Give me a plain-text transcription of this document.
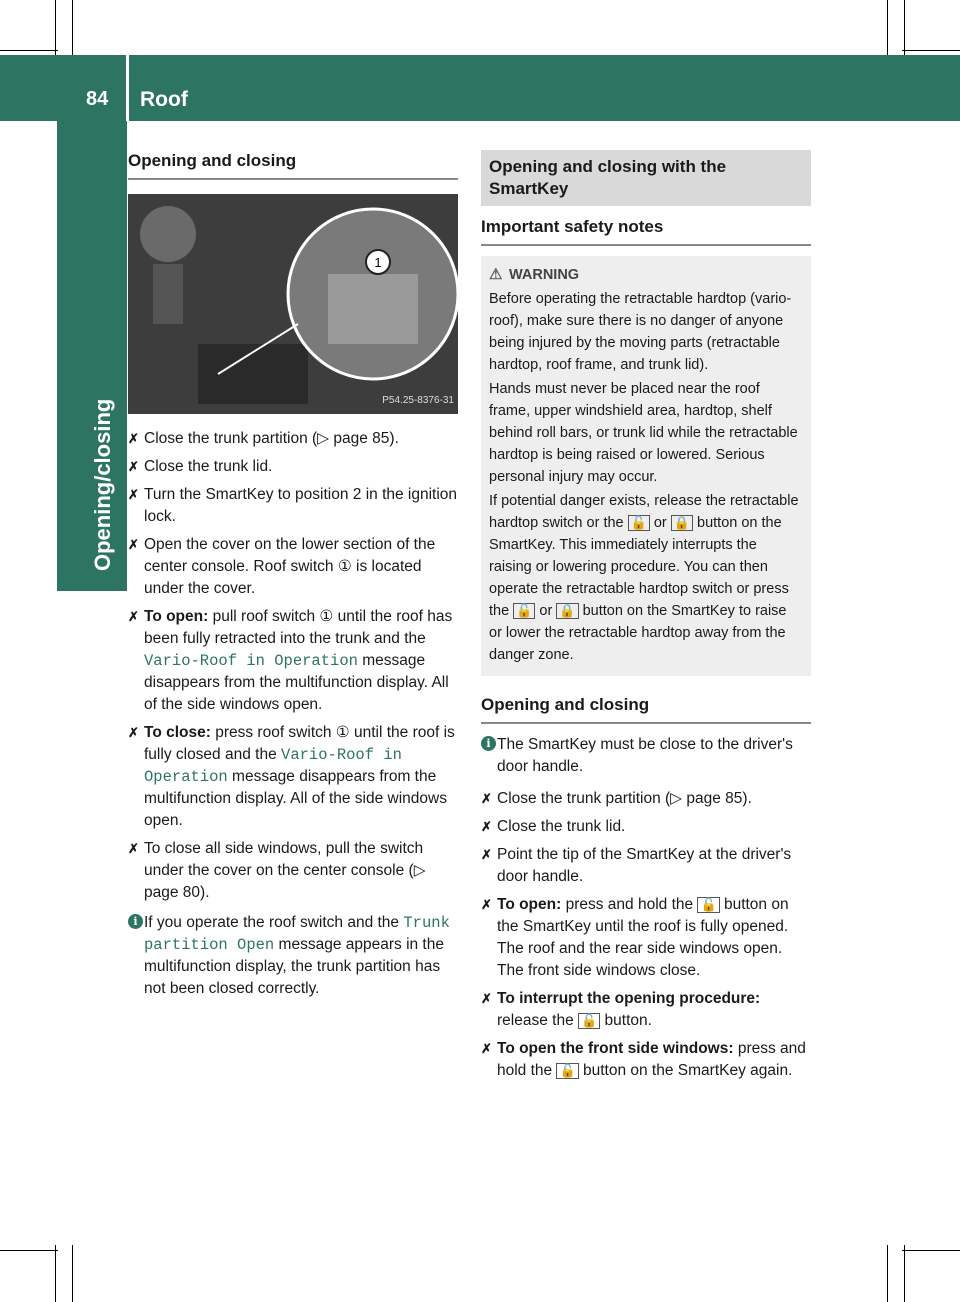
84 Roof
Opening/closing
Opening and closing
1
P54.25-8376-31
✗ Close the trunk partition (▷ page 85).
✗ Close the trunk lid.
✗ Turn the SmartKey to position 2 in the ignition lock.
✗ Open the cover on the lower section of the center console. Roof switch ① is located under the cover.
✗ To open: pull roof switch ① until the roof has been fully retracted into the trunk and the Vario-Roof in Operation message disappears from the multifunction display. All of the side windows open.
✗ To close: press roof switch ① until the roof is fully closed and the Vario-Roof in Operation message disappears from the multifunction display. All of the side windows open.
✗ To close all side windows, pull the switch under the cover on the center console (▷ page 80).
i If you operate the roof switch and the Trunk partition Open message appears in the multifunction display, the trunk partition has not been closed correctly.
Opening and closing with the SmartKey
Important safety notes

⚠ WARNING

Before operating the retractable hardtop (vario-roof), make sure there is no danger of anyone being injured by the moving parts (retractable hardtop, roof frame, and trunk lid).

Hands must never be placed near the roof frame, upper windshield area, hardtop, shelf behind roll bars, or trunk lid while the retractable hardtop is being raised or lowered. Serious personal injury may occur.

If potential danger exists, release the retractable hardtop switch or the 🔓 or 🔒 button on the SmartKey. This immediately interrupts the raising or lowering procedure. You can then operate the retractable hardtop switch or press the 🔓 or 🔒 button on the SmartKey to raise or lower the retractable hardtop away from the danger zone.

Opening and closing
i The SmartKey must be close to the driver's door handle.
✗ Close the trunk partition (▷ page 85).
✗ Close the trunk lid.
✗ Point the tip of the SmartKey at the driver's door handle.
✗ To open: press and hold the 🔓 button on the SmartKey until the roof is fully opened. The roof and the rear side windows open. The front side windows close.
✗ To interrupt the opening procedure: release the 🔓 button.
✗ To open the front side windows: press and hold the 🔓 button on the SmartKey again.
